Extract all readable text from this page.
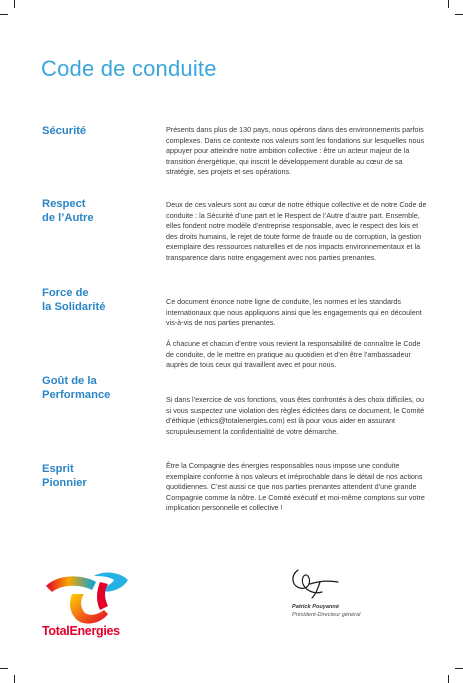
Code de conduite

Sécurité

Respect
de l’Autre

Force de
la Solidarité

Goût de la
Performance

Esprit
Pionnier

Présents dans plus de 130 pays, nous opérons dans des environnements parfois complexes. Dans ce contexte nos valeurs sont les fondations sur lesquelles nous appuyer pour atteindre notre ambition collective : être un acteur majeur de la transition énergétique, qui inscrit le développement durable au cœur de sa stratégie, ses projets et ses opérations.

Deux de ces valeurs sont au cœur de notre éthique collective et de notre Code de conduite : la Sécurité d’une part et le Respect de l’Autre d’autre part. Ensemble, elles fondent notre modèle d’entreprise responsable, avec le respect des lois et des droits humains, le rejet de toute forme de fraude ou de corruption, la gestion exemplaire des ressources naturelles et de nos impacts environnementaux et la transparence dans notre engagement avec nos parties prenantes.

Ce document énonce notre ligne de conduite, les normes et les standards internationaux que nous appliquons ainsi que les engagements qui en découlent vis-à-vis de nos parties prenantes.

À chacune et chacun d’entre vous revient la responsabilité de connaître le Code de conduite, de le mettre en pratique au quotidien et d’en être l’ambassadeur auprès de tous ceux qui travaillent avec et pour nous.

Si dans l’exercice de vos fonctions, vous êtes confrontés à des choix difficiles, ou si vous suspectez une violation des règles édictées dans ce document, le Comité d’éthique (ethics@totalenergies.com) est là pour vous aider en assurant scrupuleusement la confidentialité de votre démarche.

Être la Compagnie des énergies responsables nous impose une conduite exemplaire conforme à nos valeurs et irréprochable dans le détail de nos actions quotidiennes. C’est aussi ce que nos parties prenantes attendent d’une grande Compagnie comme la nôtre. Le Comité exécutif et moi-même comptons sur votre implication personnelle et collective !

TotalEnergies

Patrick Pouyanné

Président-Directeur général
